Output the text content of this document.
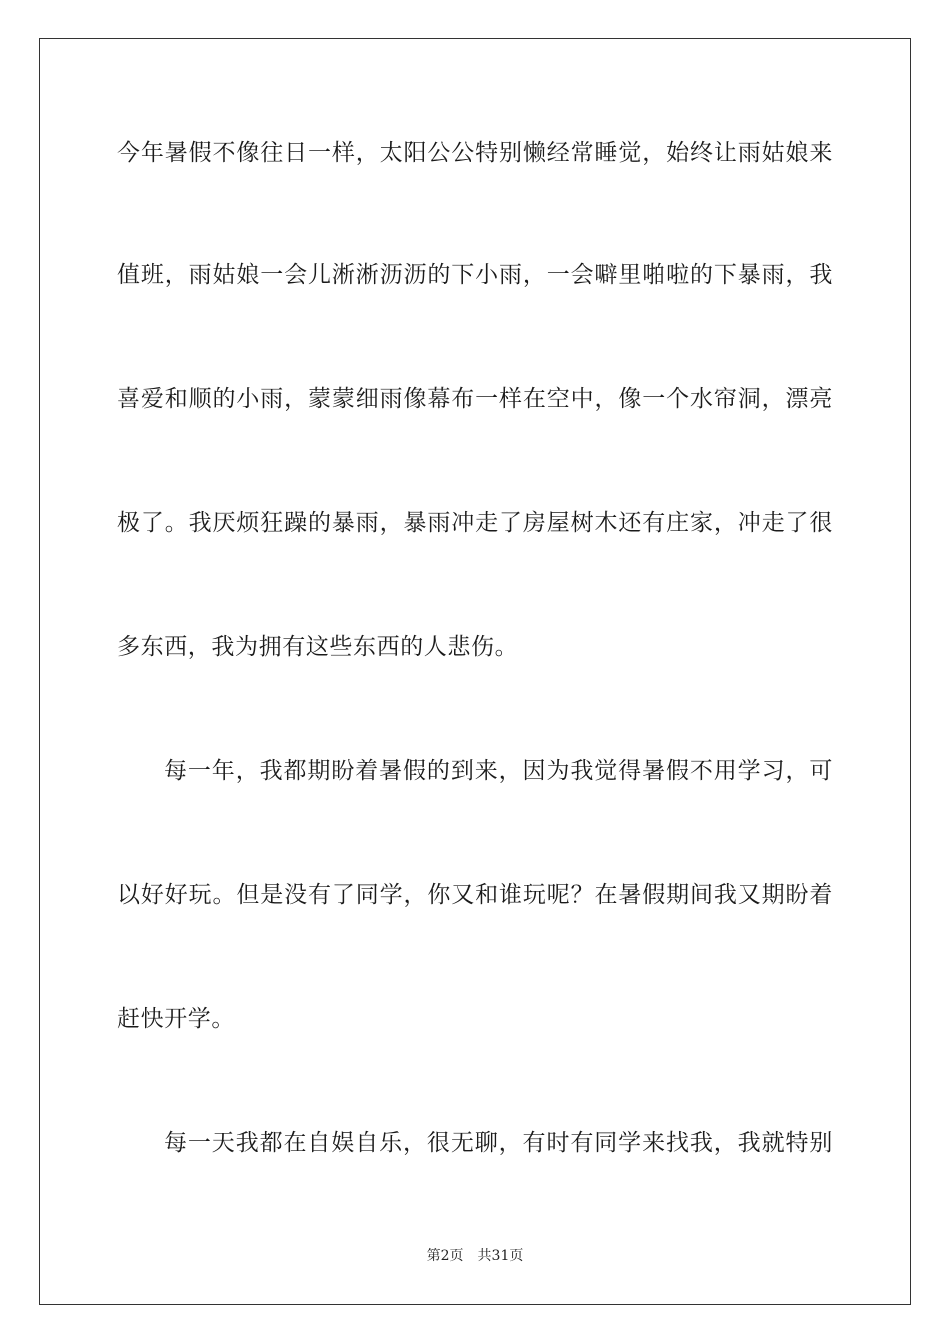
今年暑假不像往日一样，太阳公公特别懒经常睡觉，始终让雨姑娘来
值班，雨姑娘一会儿淅淅沥沥的下小雨，一会噼里啪啦的下暴雨，我
喜爱和顺的小雨，蒙蒙细雨像幕布一样在空中，像一个水帘洞，漂亮
极了。我厌烦狂躁的暴雨，暴雨冲走了房屋树木还有庄家，冲走了很
多东西，我为拥有这些东西的人悲伤。
每一年，我都期盼着暑假的到来，因为我觉得暑假不用学习，可
以好好玩。但是没有了同学，你又和谁玩呢？在暑假期间我又期盼着
赶快开学。
每一天我都在自娱自乐，很无聊，有时有同学来找我，我就特别
第2页 共31页
